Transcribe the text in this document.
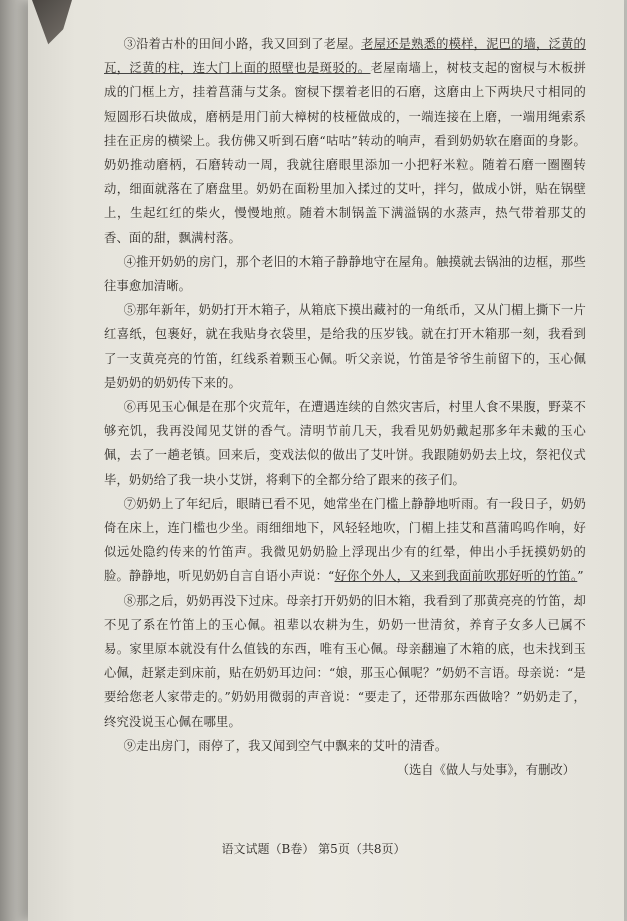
③沿着古朴的田间小路，我又回到了老屋。老屋还是熟悉的模样，泥巴的墙，泛黄的瓦，泛黄的柱，连大门上面的照壁也是斑驳的。老屋南墙上，树枝支起的窗棂与木板拼成的门框上方，挂着菖蒲与艾条。窗棂下摆着老旧的石磨，这磨由上下两块尺寸相同的短圆形石块做成，磨柄是用门前大樟树的枝桠做成的，一端连接在上磨，一端用绳索系挂在正房的横梁上。我仿佛又听到石磨“咕咕”转动的响声，看到奶奶软在磨面的身影。奶奶推动磨柄，石磨转动一周，我就往磨眼里添加一小把籽米粒。随着石磨一圈圈转动，细面就落在了磨盘里。奶奶在面粉里加入揉过的艾叶，拌匀，做成小饼，贴在锅壁上，生起红红的柴火，慢慢地煎。随着木制锅盖下满溢锅的水蒸声，热气带着那艾的香、面的甜，飘满村落。

④推开奶奶的房门，那个老旧的木箱子静静地守在屋角。触摸就去锅油的边框，那些往事愈加清晰。

⑤那年新年，奶奶打开木箱子，从箱底下摸出藏衬的一角纸币，又从门楣上撕下一片红喜纸，包裹好，就在我贴身衣袋里，是给我的压岁钱。就在打开木箱那一刻，我看到了一支黄亮亮的竹笛，红线系着颗玉心佩。听父亲说，竹笛是爷爷生前留下的，玉心佩是奶奶的奶奶传下来的。

⑥再见玉心佩是在那个灾荒年，在遭遇连续的自然灾害后，村里人食不果腹，野菜不够充饥，我再没闻见艾饼的香气。清明节前几天，我看见奶奶戴起那多年未戴的玉心佩，去了一趟老镇。回来后，变戏法似的做出了艾叶饼。我跟随奶奶去上坟，祭祀仪式毕，奶奶给了我一块小艾饼，将剩下的全都分给了跟来的孩子们。

⑦奶奶上了年纪后，眼睛已看不见，她常坐在门槛上静静地听雨。有一段日子，奶奶倚在床上，连门槛也少坐。雨细细地下，风轻轻地吹，门楣上挂艾和菖蒲呜呜作响，好似远处隐约传来的竹笛声。我微见奶奶脸上浮现出少有的红晕，伸出小手抚摸奶奶的脸。静静地，听见奶奶自言自语小声说：“好你个外人，又来到我面前吹那好听的竹笛。”

⑧那之后，奶奶再没下过床。母亲打开奶奶的旧木箱，我看到了那黄亮亮的竹笛，却不见了系在竹笛上的玉心佩。祖辈以农耕为生，奶奶一世清贫，养育子女多人已属不易。家里原本就没有什么值钱的东西，唯有玉心佩。母亲翻遍了木箱的底，也未找到玉心佩，赶紧走到床前，贴在奶奶耳边问：“娘，那玉心佩呢？”奶奶不言语。母亲说：“是要给您老人家带走的。”奶奶用微弱的声音说：“要走了，还带那东西做啥？”奶奶走了，终究没说玉心佩在哪里。

⑨走出房门，雨停了，我又闻到空气中飘来的艾叶的清香。

（选自《做人与处事》，有删改）
语文试题（B卷） 第5页（共8页）
